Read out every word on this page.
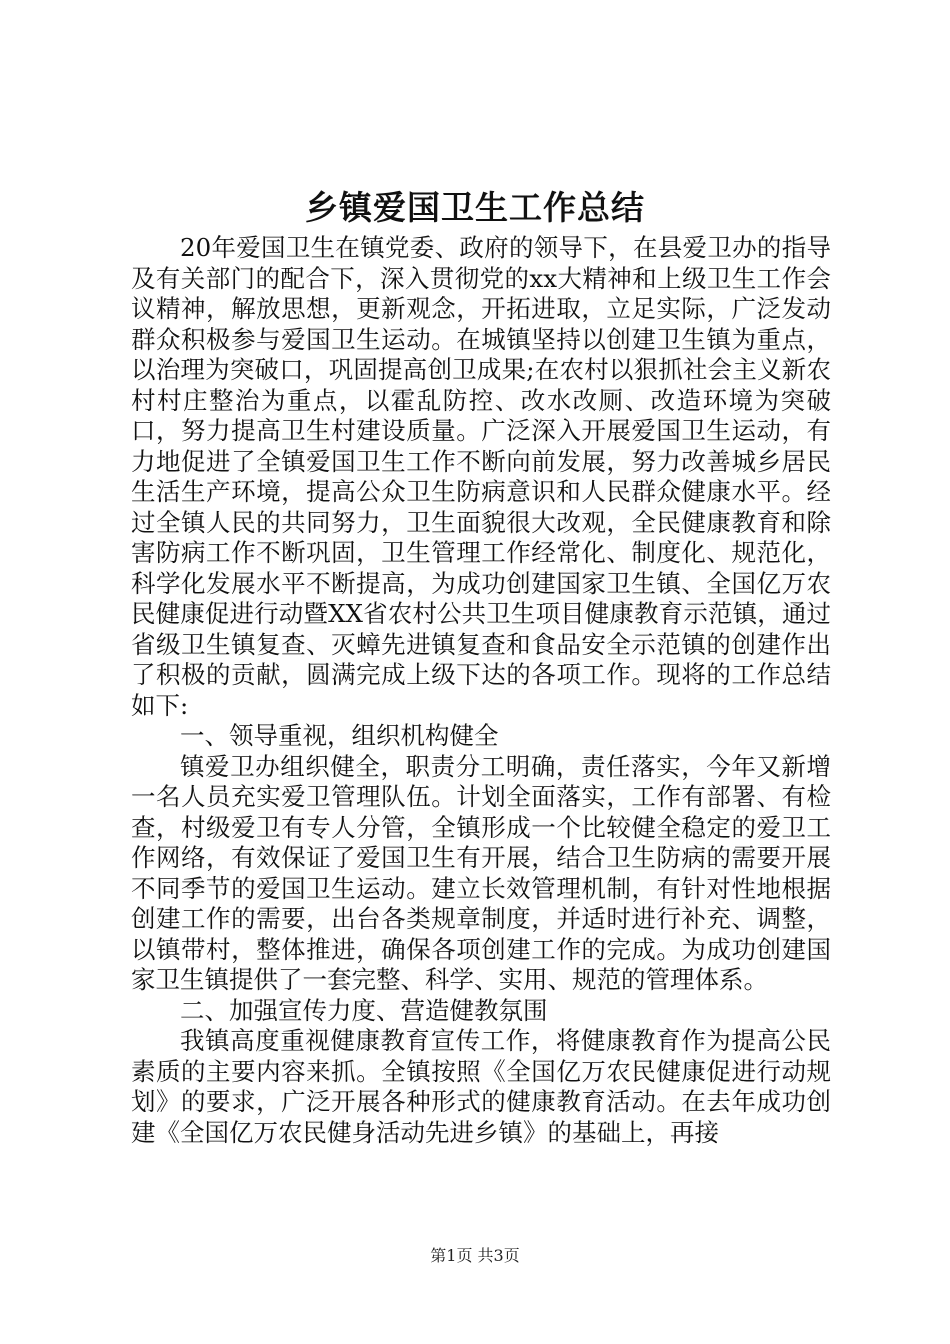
乡镇爱国卫生工作总结

20年爱国卫生在镇党委、政府的领导下，在县爱卫办的指导及有关部门的配合下，深入贯彻党的xx大精神和上级卫生工作会议精神，解放思想，更新观念，开拓进取，立足实际，广泛发动群众积极参与爱国卫生运动。在城镇坚持以创建卫生镇为重点，以治理为突破口，巩固提高创卫成果;在农村以狠抓社会主义新农村村庄整治为重点，以霍乱防控、改水改厕、改造环境为突破口，努力提高卫生村建设质量。广泛深入开展爱国卫生运动，有力地促进了全镇爱国卫生工作不断向前发展，努力改善城乡居民生活生产环境，提高公众卫生防病意识和人民群众健康水平。经过全镇人民的共同努力，卫生面貌很大改观，全民健康教育和除害防病工作不断巩固，卫生管理工作经常化、制度化、规范化，科学化发展水平不断提高，为成功创建国家卫生镇、全国亿万农民健康促进行动暨XX省农村公共卫生项目健康教育示范镇，通过省级卫生镇复查、灭蟑先进镇复查和食品安全示范镇的创建作出了积极的贡献，圆满完成上级下达的各项工作。现将的工作总结如下:

一、领导重视，组织机构健全

镇爱卫办组织健全，职责分工明确，责任落实，今年又新增一名人员充实爱卫管理队伍。计划全面落实，工作有部署、有检查，村级爱卫有专人分管，全镇形成一个比较健全稳定的爱卫工作网络，有效保证了爱国卫生有开展，结合卫生防病的需要开展不同季节的爱国卫生运动。建立长效管理机制，有针对性地根据创建工作的需要，出台各类规章制度，并适时进行补充、调整，以镇带村，整体推进，确保各项创建工作的完成。为成功创建国家卫生镇提供了一套完整、科学、实用、规范的管理体系。

二、加强宣传力度、营造健教氛围

我镇高度重视健康教育宣传工作，将健康教育作为提高公民素质的主要内容来抓。全镇按照《全国亿万农民健康促进行动规划》的要求，广泛开展各种形式的健康教育活动。在去年成功创建《全国亿万农民健身活动先进乡镇》的基础上，再接

第1页 共3页
